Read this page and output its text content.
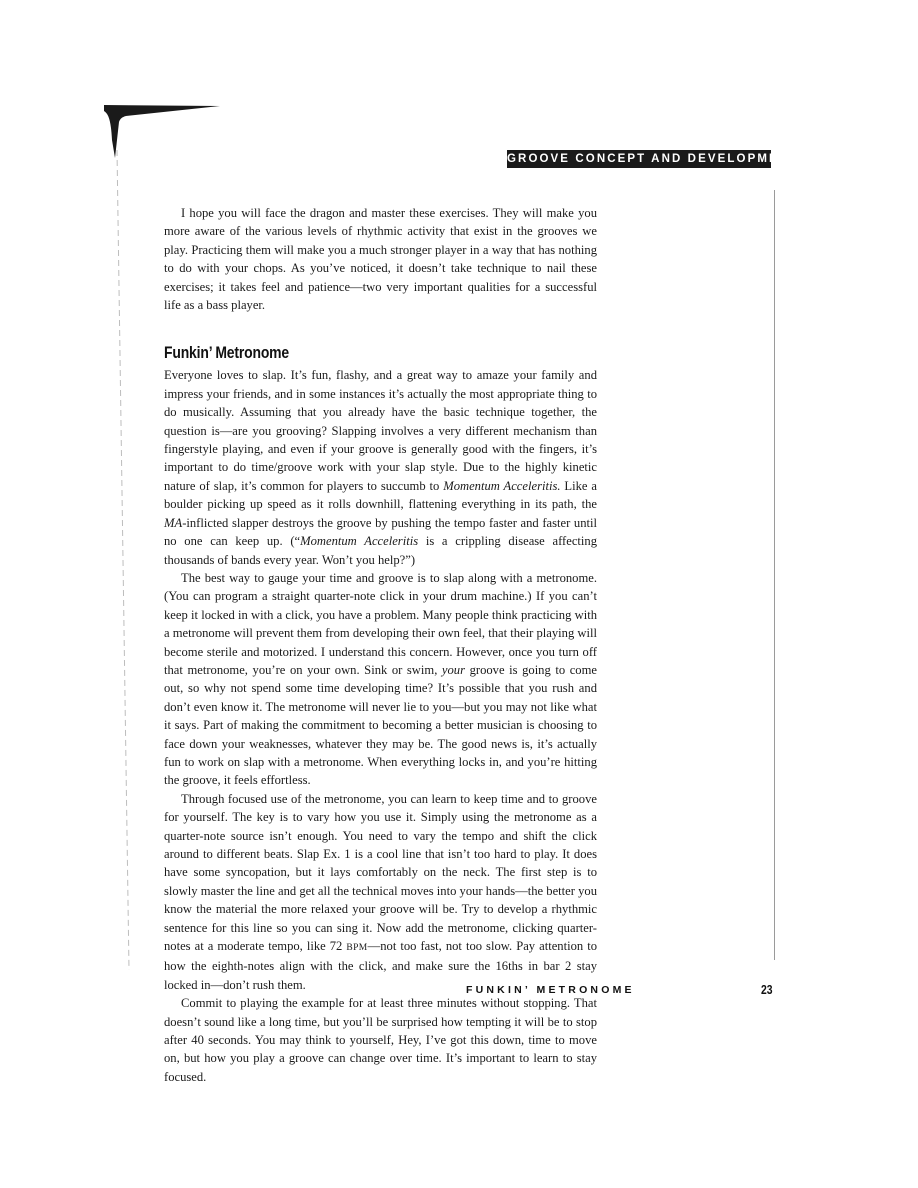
GROOVE CONCEPT AND DEVELOPMENT

I hope you will face the dragon and master these exercises. They will make you more aware of the various levels of rhythmic activity that exist in the grooves we play. Practicing them will make you a much stronger player in a way that has nothing to do with your chops. As you’ve noticed, it doesn’t take technique to nail these exercises; it takes feel and patience—two very important qualities for a successful life as a bass player.

Funkin’ Metronome

Everyone loves to slap. It’s fun, flashy, and a great way to amaze your family and impress your friends, and in some instances it’s actually the most appropriate thing to do musically. Assuming that you already have the basic technique together, the question is—are you grooving? Slapping involves a very different mechanism than fingerstyle playing, and even if your groove is generally good with the fingers, it’s important to do time/groove work with your slap style. Due to the highly kinetic nature of slap, it’s common for players to succumb to Momentum Acceleritis. Like a boulder picking up speed as it rolls downhill, flattening everything in its path, the MA-inflicted slapper destroys the groove by pushing the tempo faster and faster until no one can keep up. (“Momentum Acceleritis is a crippling disease affecting thousands of bands every year. Won’t you help?”)

The best way to gauge your time and groove is to slap along with a metronome. (You can program a straight quarter-note click in your drum machine.) If you can’t keep it locked in with a click, you have a problem. Many people think practicing with a metronome will prevent them from developing their own feel, that their playing will become sterile and motorized. I understand this concern. However, once you turn off that metronome, you’re on your own. Sink or swim, your groove is going to come out, so why not spend some time developing time? It’s possible that you rush and don’t even know it. The metronome will never lie to you—but you may not like what it says. Part of making the commitment to becoming a better musician is choosing to face down your weaknesses, whatever they may be. The good news is, it’s actually fun to work on slap with a metronome. When everything locks in, and you’re hitting the groove, it feels effortless.

Through focused use of the metronome, you can learn to keep time and to groove for yourself. The key is to vary how you use it. Simply using the metronome as a quarter-note source isn’t enough. You need to vary the tempo and shift the click around to different beats. Slap Ex. 1 is a cool line that isn’t too hard to play. It does have some syncopation, but it lays comfortably on the neck. The first step is to slowly master the line and get all the technical moves into your hands—the better you know the material the more relaxed your groove will be. Try to develop a rhythmic sentence for this line so you can sing it. Now add the metronome, clicking quarter-notes at a moderate tempo, like 72 BPM—not too fast, not too slow. Pay attention to how the eighth-notes align with the click, and make sure the 16ths in bar 2 stay locked in—don’t rush them.

Commit to playing the example for at least three minutes without stopping. That doesn’t sound like a long time, but you’ll be surprised how tempting it will be to stop after 40 seconds. You may think to yourself, Hey, I’ve got this down, time to move on, but how you play a groove can change over time. It’s important to learn to stay focused.

FUNKIN’ METRONOME	23
